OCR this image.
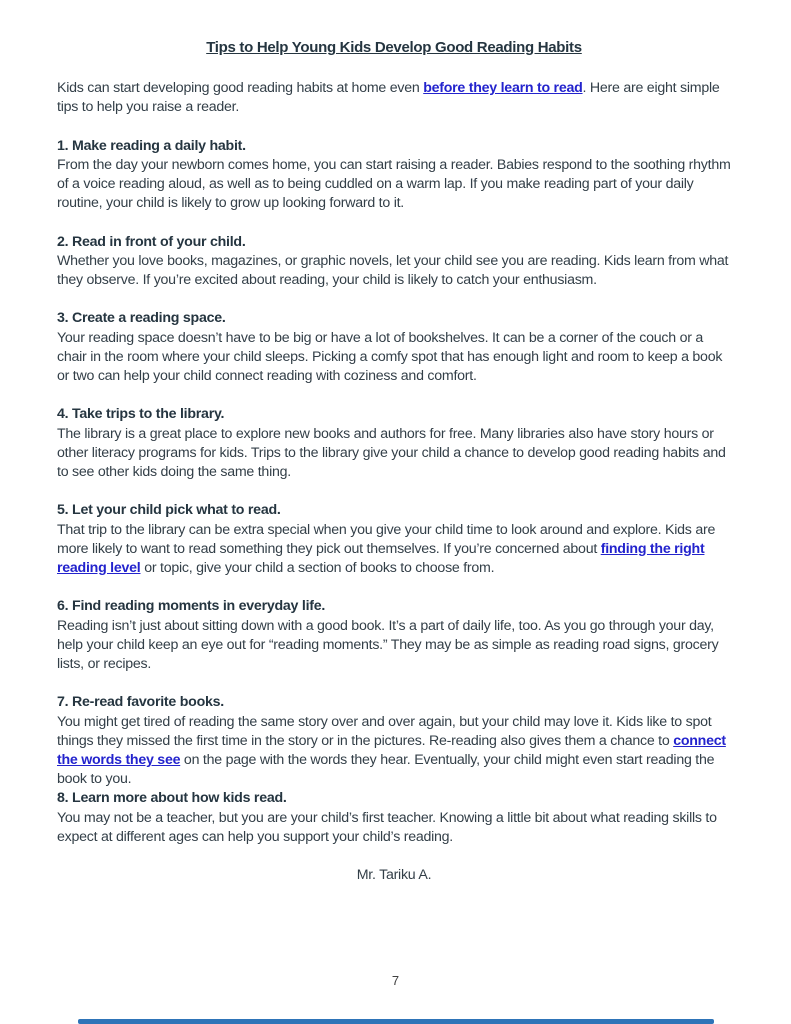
Tips to Help Young Kids Develop Good Reading Habits

Kids can start developing good reading habits at home even before they learn to read. Here are eight simple tips to help you raise a reader.

1. Make reading a daily habit.

From the day your newborn comes home, you can start raising a reader. Babies respond to the soothing rhythm of a voice reading aloud, as well as to being cuddled on a warm lap. If you make reading part of your daily routine, your child is likely to grow up looking forward to it.

2. Read in front of your child.

Whether you love books, magazines, or graphic novels, let your child see you are reading. Kids learn from what they observe. If you’re excited about reading, your child is likely to catch your enthusiasm.

3. Create a reading space.

Your reading space doesn’t have to be big or have a lot of bookshelves. It can be a corner of the couch or a chair in the room where your child sleeps. Picking a comfy spot that has enough light and room to keep a book or two can help your child connect reading with coziness and comfort.

4. Take trips to the library.

The library is a great place to explore new books and authors for free. Many libraries also have story hours or other literacy programs for kids. Trips to the library give your child a chance to develop good reading habits and to see other kids doing the same thing.

5. Let your child pick what to read.

That trip to the library can be extra special when you give your child time to look around and explore. Kids are more likely to want to read something they pick out themselves. If you’re concerned about finding the right reading level or topic, give your child a section of books to choose from.

6. Find reading moments in everyday life.

Reading isn’t just about sitting down with a good book. It’s a part of daily life, too. As you go through your day, help your child keep an eye out for “reading moments.” They may be as simple as reading road signs, grocery lists, or recipes.

7. Re-read favorite books.

You might get tired of reading the same story over and over again, but your child may love it. Kids like to spot things they missed the first time in the story or in the pictures. Re-reading also gives them a chance to connect the words they see on the page with the words they hear. Eventually, your child might even start reading the book to you.

8. Learn more about how kids read.

You may not be a teacher, but you are your child’s first teacher. Knowing a little bit about what reading skills to expect at different ages can help you support your child’s reading.

Mr. Tariku A.

7
